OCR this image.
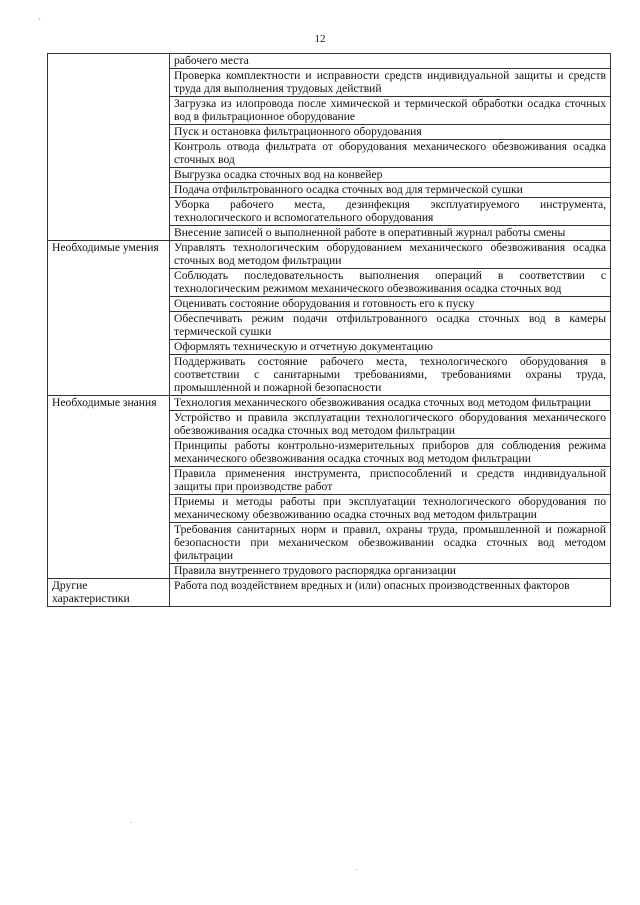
´
12
	рабочего места
	Проверка комплектности и исправности средств индивидуальной защиты и средств труда для выполнения трудовых действий
	Загрузка из илопровода после химической и термической обработки осадка сточных вод в фильтрационное оборудование
	Пуск и остановка фильтрационного оборудования
	Контроль отвода фильтрата от оборудования механического обезвоживания осадка сточных вод
	Выгрузка осадка сточных вод на конвейер
	Подача отфильтрованного осадка сточных вод для термической сушки
	Уборка рабочего места, дезинфекция эксплуатируемого инструмента, технологического и вспомогательного оборудования
	Внесение записей о выполненной работе в оперативный журнал работы смены
Необходимые умения	Управлять технологическим оборудованием механического обезвоживания осадка сточных вод методом фильтрации
	Соблюдать последовательность выполнения операций в соответствии с технологическим режимом механического обезвоживания осадка сточных вод
	Оценивать состояние оборудования и готовность его к пуску
	Обеспечивать режим подачи отфильтрованного осадка сточных вод в камеры термической сушки
	Оформлять техническую и отчетную документацию
	Поддерживать состояние рабочего места, технологического оборудования в соответствии с санитарными требованиями, требованиями охраны труда, промышленной и пожарной безопасности
Необходимые знания	Технология механического обезвоживания осадка сточных вод методом фильтрации
	Устройство и правила эксплуатации технологического оборудования механического обезвоживания осадка сточных вод методом фильтрации
	Принципы работы контрольно-измерительных приборов для соблюдения режима механического обезвоживания осадка сточных вод методом фильтрации
	Правила применения инструмента, приспособлений и средств индивидуальной защиты при производстве работ
	Приемы и методы работы при эксплуатации технологического оборудования по механическому обезвоживанию осадка сточных вод методом фильтрации
	Требования санитарных норм и правил, охраны труда, промышленной и пожарной безопасности при механическом обезвоживании осадка сточных вод методом фильтрации
	Правила внутреннего трудового распорядка организации
Другие характеристики	Работа под воздействием вредных и (или) опасных производственных факторов
